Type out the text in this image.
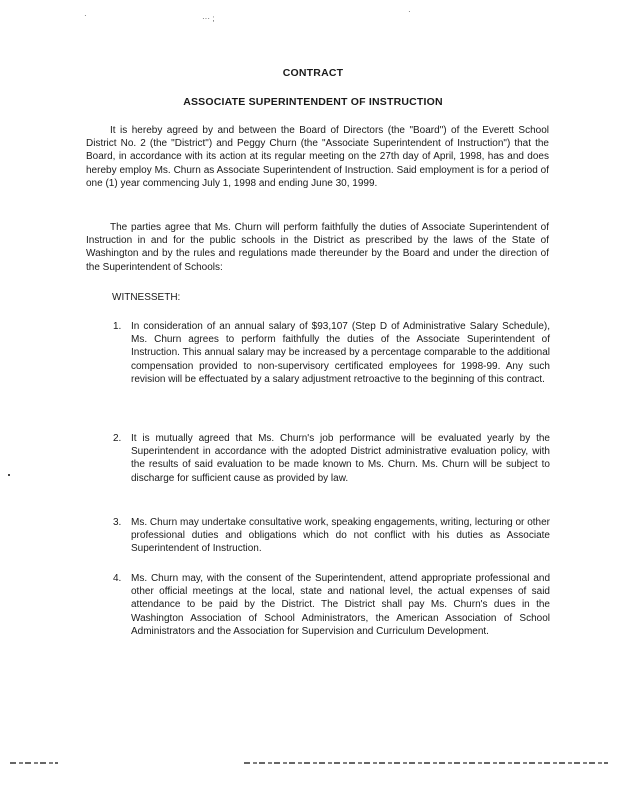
·	··· ;
·
CONTRACT
ASSOCIATE SUPERINTENDENT OF INSTRUCTION

It is hereby agreed by and between the Board of Directors (the "Board") of the Everett School District No. 2 (the "District") and Peggy Churn (the "Associate Superintendent of Instruction") that the Board, in accordance with its action at its regular meeting on the 27th day of April, 1998, has and does hereby employ Ms. Churn as Associate Superintendent of Instruction. Said employment is for a period of one (1) year commencing July 1, 1998 and ending June 30, 1999.

The parties agree that Ms. Churn will perform faithfully the duties of Associate Superintendent of Instruction in and for the public schools in the District as prescribed by the laws of the State of Washington and by the rules and regulations made thereunder by the Board and under the direction of the Superintendent of Schools:

WITNESSETH:
1. In consideration of an annual salary of $93,107 (Step D of Administrative Salary Schedule), Ms. Churn agrees to perform faithfully the duties of the Associate Superintendent of Instruction. This annual salary may be increased by a percentage comparable to the additional compensation provided to non-supervisory certificated employees for 1998-99. Any such revision will be effectuated by a salary adjustment retroactive to the beginning of this contract.
2. It is mutually agreed that Ms. Churn's job performance will be evaluated yearly by the Superintendent in accordance with the adopted District administrative evaluation policy, with the results of said evaluation to be made known to Ms. Churn. Ms. Churn will be subject to discharge for sufficient cause as provided by law.
3. Ms. Churn may undertake consultative work, speaking engagements, writing, lecturing or other professional duties and obligations which do not conflict with his duties as Associate Superintendent of Instruction.
4. Ms. Churn may, with the consent of the Superintendent, attend appropriate professional and other official meetings at the local, state and national level, the actual expenses of said attendance to be paid by the District. The District shall pay Ms. Churn's dues in the Washington Association of School Administrators, the American Association of School Administrators and the Association for Supervision and Curriculum Development.
